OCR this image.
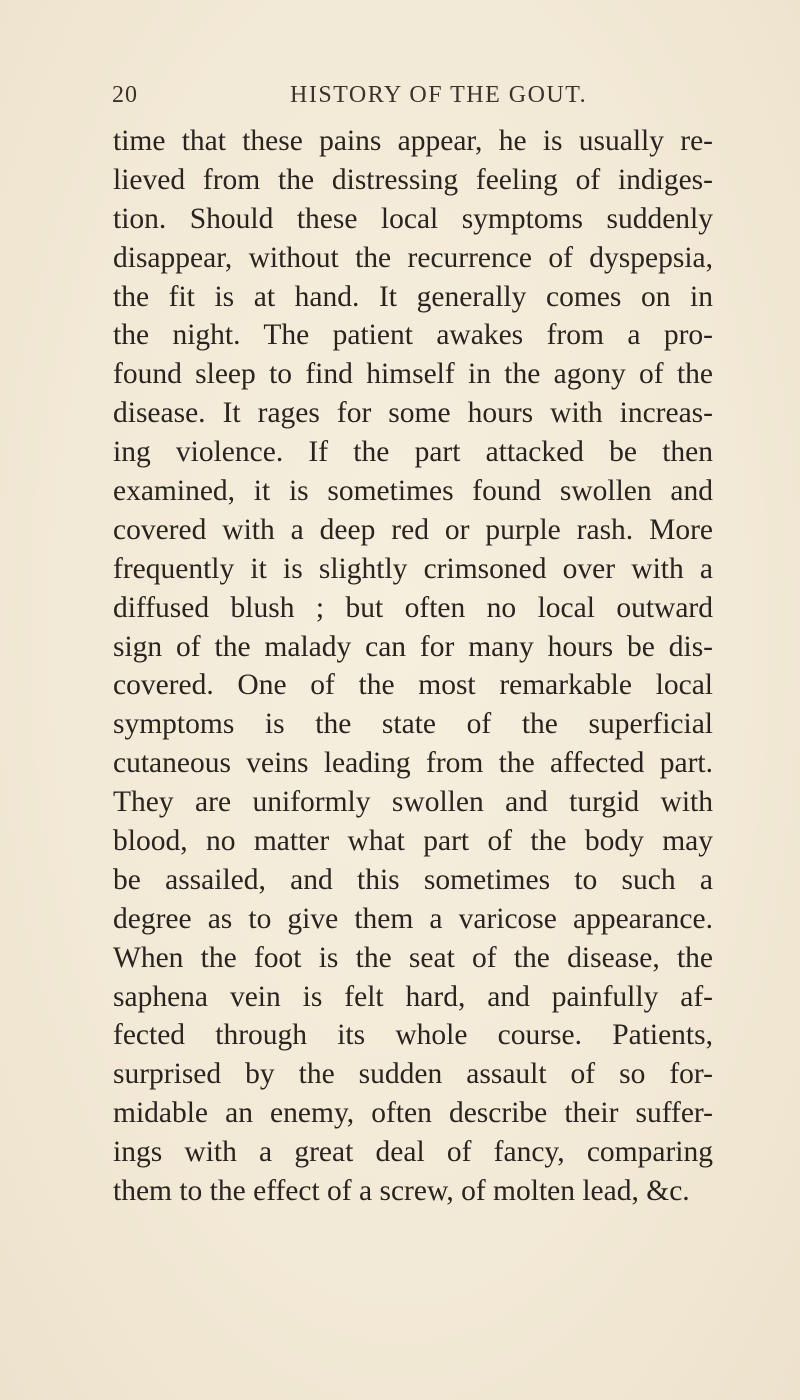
20	HISTORY OF THE GOUT.
time that these pains appear, he is usually re-
lieved from the distressing feeling of indiges-
tion. Should these local symptoms suddenly
disappear, without the recurrence of dyspepsia,
the fit is at hand. It generally comes on in
the night. The patient awakes from a pro-
found sleep to find himself in the agony of the
disease. It rages for some hours with increas-
ing violence. If the part attacked be then
examined, it is sometimes found swollen and
covered with a deep red or purple rash. More
frequently it is slightly crimsoned over with a
diffused blush ; but often no local outward
sign of the malady can for many hours be dis-
covered. One of the most remarkable local
symptoms is the state of the superficial
cutaneous veins leading from the affected part.
They are uniformly swollen and turgid with
blood, no matter what part of the body may
be assailed, and this sometimes to such a
degree as to give them a varicose appearance.
When the foot is the seat of the disease, the
saphena vein is felt hard, and painfully af-
fected through its whole course. Patients,
surprised by the sudden assault of so for-
midable an enemy, often describe their suffer-
ings with a great deal of fancy, comparing
them to the effect of a screw, of molten lead, &c.
